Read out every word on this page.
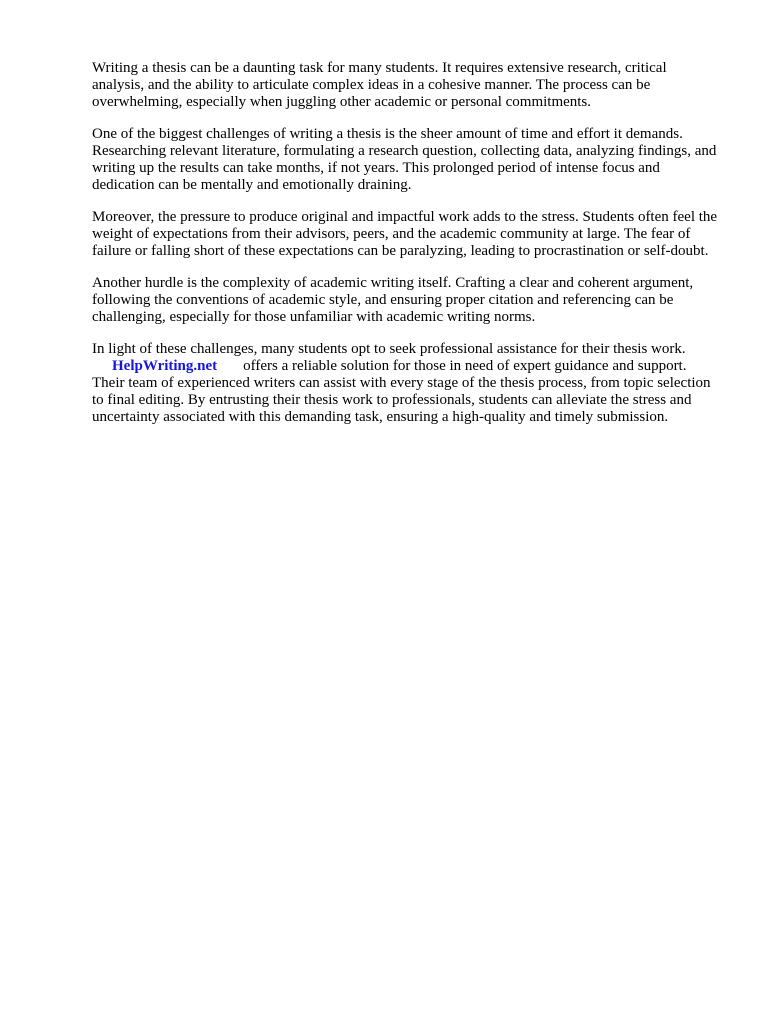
Writing a thesis can be a daunting task for many students. It requires extensive research, critical analysis, and the ability to articulate complex ideas in a cohesive manner. The process can be overwhelming, especially when juggling other academic or personal commitments.

One of the biggest challenges of writing a thesis is the sheer amount of time and effort it demands. Researching relevant literature, formulating a research question, collecting data, analyzing findings, and writing up the results can take months, if not years. This prolonged period of intense focus and dedication can be mentally and emotionally draining.

Moreover, the pressure to produce original and impactful work adds to the stress. Students often feel the weight of expectations from their advisors, peers, and the academic community at large. The fear of failure or falling short of these expectations can be paralyzing, leading to procrastination or self-doubt.

Another hurdle is the complexity of academic writing itself. Crafting a clear and coherent argument, following the conventions of academic style, and ensuring proper citation and referencing can be challenging, especially for those unfamiliar with academic writing norms.

In light of these challenges, many students opt to seek professional assistance for their thesis work.
HelpWriting.net offers a reliable solution for those in need of expert guidance and support. Their team of experienced writers can assist with every stage of the thesis process, from topic selection to final editing. By entrusting their thesis work to professionals, students can alleviate the stress and uncertainty associated with this demanding task, ensuring a high-quality and timely submission.
